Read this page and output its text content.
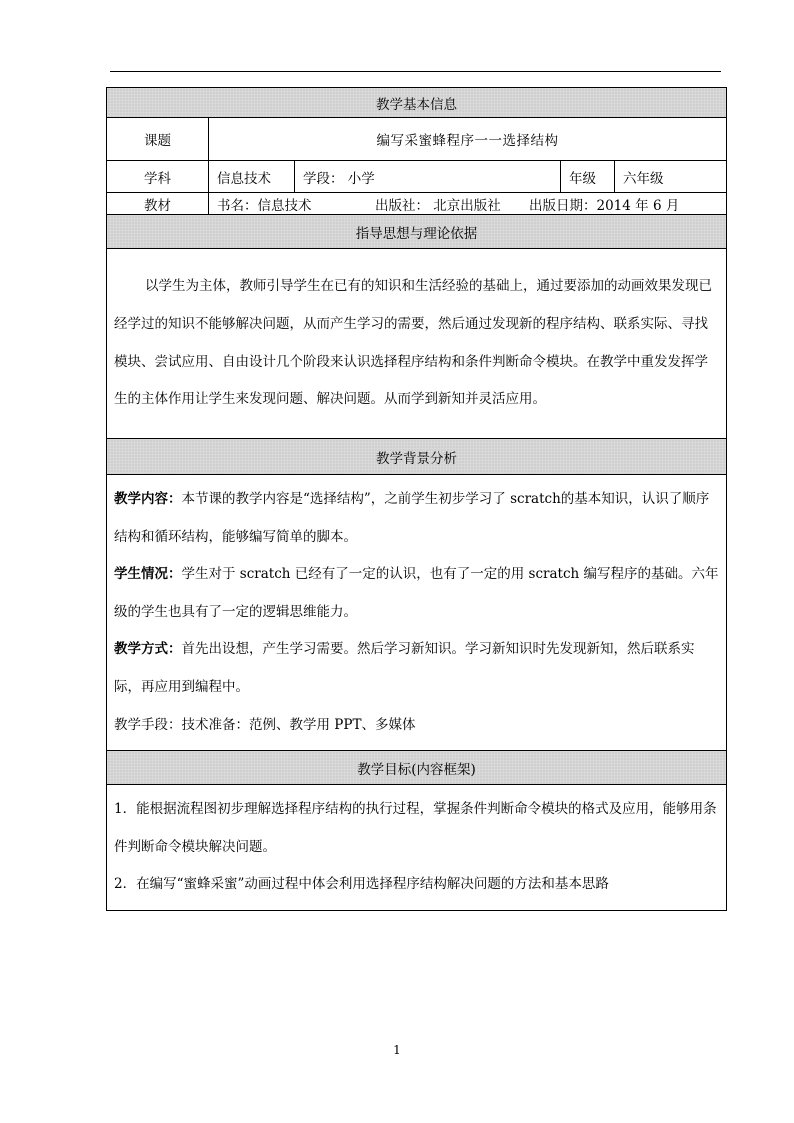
教学基本信息				
课题	编写采蜜蜂程序一一选择结构			
学科	信息技术	学段： 小学	年级	六年级
教材	书名：信息技术 出版社： 北京出版社 出版日期：2014 年 6 月			
指导思想与理论依据				

以学生为主体，教师引导学生在已有的知识和生活经验的基础上，通过要添加的动画效果发现已经学过的知识不能够解决问题，从而产生学习的需要，然后通过发现新的程序结构、联系实际、寻找模块、尝试应用、自由设计几个阶段来认识选择程序结构和条件判断命令模块。在教学中重发发挥学生的主体作用让学生来发现问题、解决问题。从而学到新知并灵活应用。				

教学背景分析				

教学内容：本节课的教学内容是“选择结构”，之前学生初步学习了 scratch的基本知识，认识了顺序结构和循环结构，能够编写简单的脚本。

学生情况：学生对于 scratch 已经有了一定的认识，也有了一定的用 scratch 编写程序的基础。六年级的学生也具有了一定的逻辑思维能力。

教学方式：首先出设想，产生学习需要。然后学习新知识。学习新知识时先发现新知，然后联系实际，再应用到编程中。

教学手段：技术准备：范例、教学用 PPT、多媒体				

教学目标(内容框架)				

1．能根据流程图初步理解选择程序结构的执行过程，掌握条件判断命令模块的格式及应用，能够用条件判断命令模块解决问题。

2．在编写“蜜蜂采蜜”动画过程中体会利用选择程序结构解决问题的方法和基本思路				

1
